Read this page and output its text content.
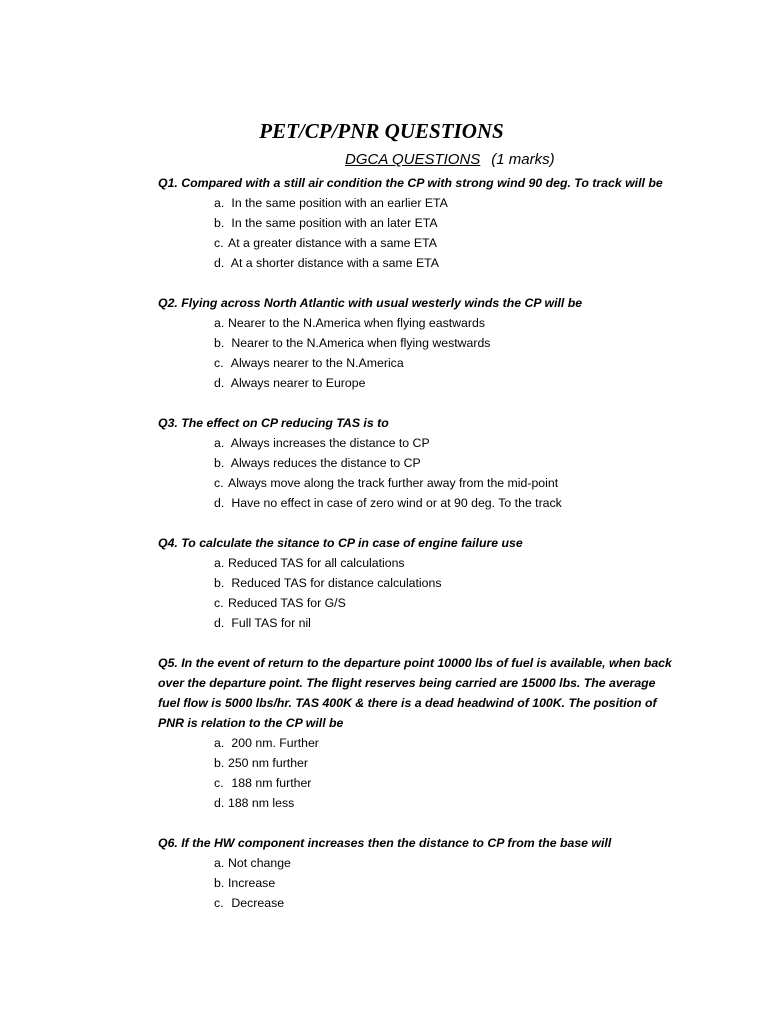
PET/CP/PNR QUESTIONS
DGCA QUESTIONS (1 marks)

Q1. Compared with a still air condition the CP with strong wind 90 deg. To track will be

a. In the same position with an earlier ETA
b. In the same position with an later ETA
c. At a greater distance with a same ETA
d. At a shorter distance with a same ETA

Q2. Flying across North Atlantic with usual westerly winds the CP will be

a. Nearer to the N.America when flying eastwards
b. Nearer to the N.America when flying westwards
c. Always nearer to the N.America
d. Always nearer to Europe

Q3. The effect on CP reducing TAS is to

a. Always increases the distance to CP
b. Always reduces the distance to CP
c. Always move along the track further away from the mid-point
d. Have no effect in case of zero wind or at 90 deg. To the track

Q4. To calculate the sitance to CP in case of engine failure use

a. Reduced TAS for all calculations
b. Reduced TAS for distance calculations
c. Reduced TAS for G/S
d. Full TAS for nil

Q5. In the event of return to the departure point 10000 lbs of fuel is available, when back over the departure point. The flight reserves being carried are 15000 lbs. The average fuel flow is 5000 lbs/hr. TAS 400K & there is a dead headwind of 100K. The position of PNR is relation to the CP will be

a. 200 nm. Further
b. 250 nm further
c. 188 nm further
d. 188 nm less

Q6. If the HW component increases then the distance to CP from the base will

a. Not change
b. Increase
c. Decrease
